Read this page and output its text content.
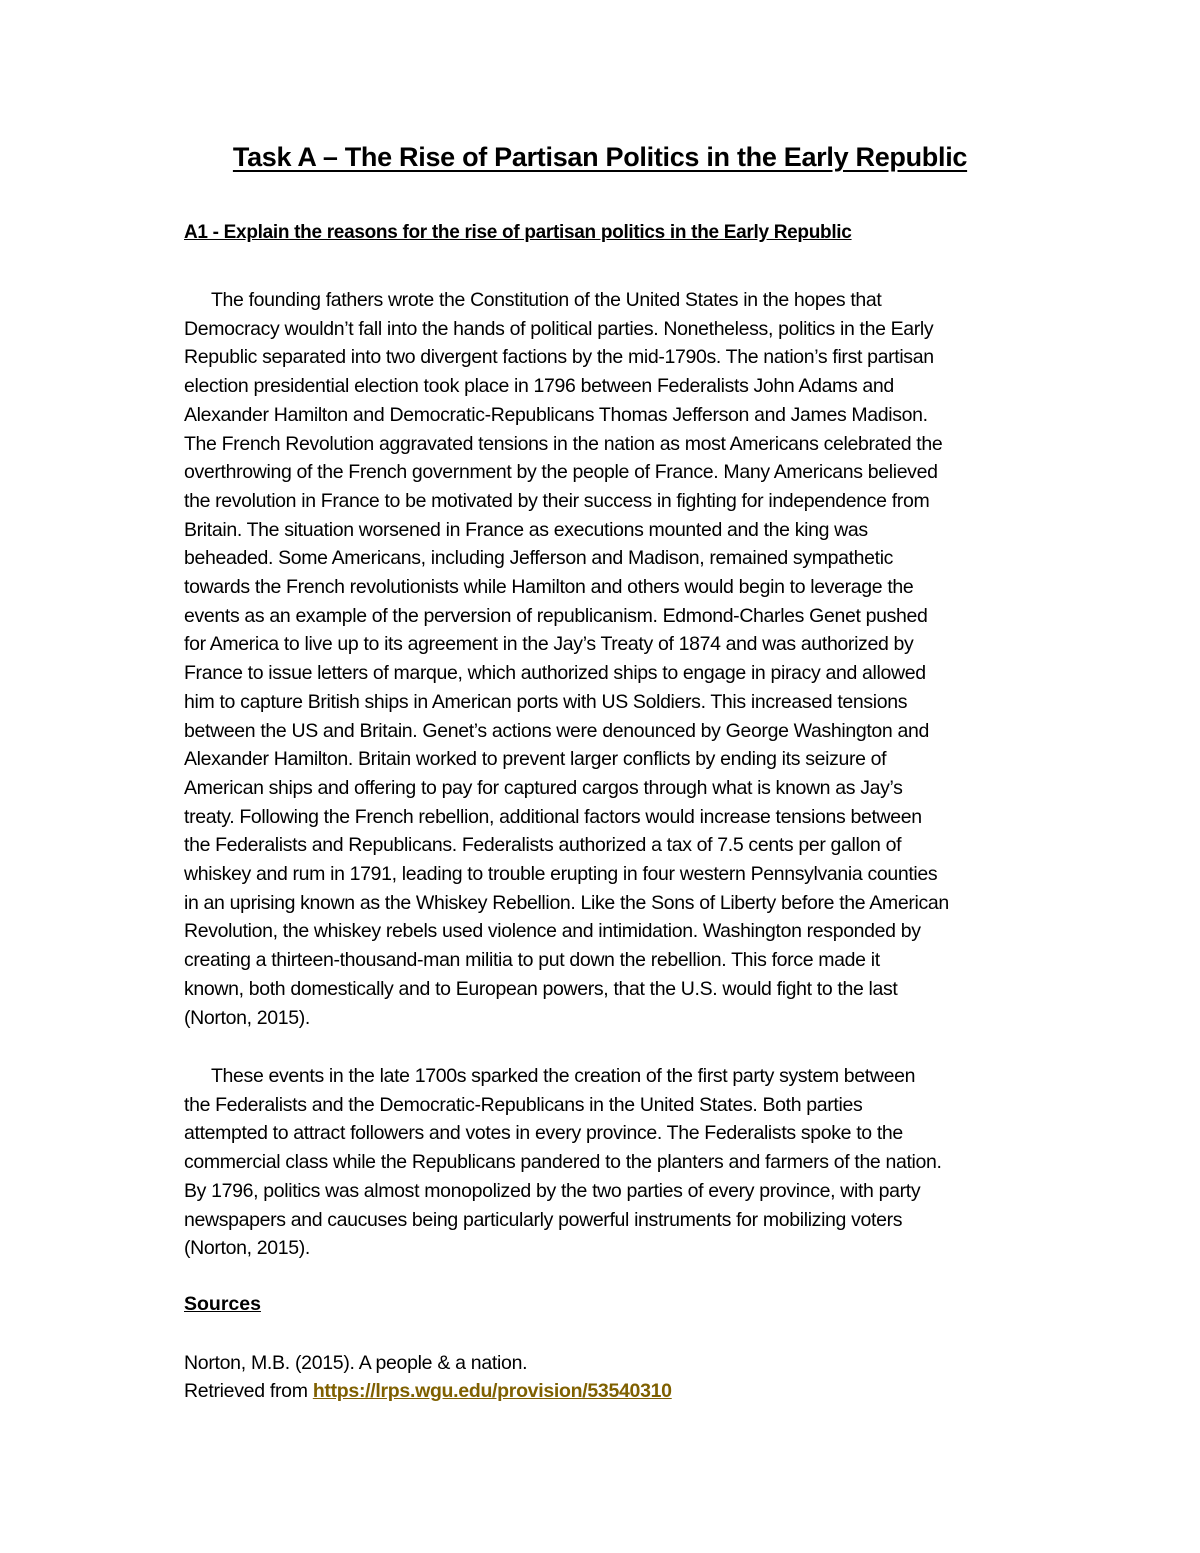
Task A – The Rise of Partisan Politics in the Early Republic
A1 - Explain the reasons for the rise of partisan politics in the Early Republic

The founding fathers wrote the Constitution of the United States in the hopes that
Democracy wouldn’t fall into the hands of political parties. Nonetheless, politics in the Early
Republic separated into two divergent factions by the mid-1790s. The nation’s first partisan
election presidential election took place in 1796 between Federalists John Adams and
Alexander Hamilton and Democratic-Republicans Thomas Jefferson and James Madison.
The French Revolution aggravated tensions in the nation as most Americans celebrated the
overthrowing of the French government by the people of France. Many Americans believed
the revolution in France to be motivated by their success in fighting for independence from
Britain. The situation worsened in France as executions mounted and the king was
beheaded. Some Americans, including Jefferson and Madison, remained sympathetic
towards the French revolutionists while Hamilton and others would begin to leverage the
events as an example of the perversion of republicanism. Edmond-Charles Genet pushed
for America to live up to its agreement in the Jay’s Treaty of 1874 and was authorized by
France to issue letters of marque, which authorized ships to engage in piracy and allowed
him to capture British ships in American ports with US Soldiers. This increased tensions
between the US and Britain. Genet’s actions were denounced by George Washington and
Alexander Hamilton. Britain worked to prevent larger conflicts by ending its seizure of
American ships and offering to pay for captured cargos through what is known as Jay’s
treaty. Following the French rebellion, additional factors would increase tensions between
the Federalists and Republicans. Federalists authorized a tax of 7.5 cents per gallon of
whiskey and rum in 1791, leading to trouble erupting in four western Pennsylvania counties
in an uprising known as the Whiskey Rebellion. Like the Sons of Liberty before the American
Revolution, the whiskey rebels used violence and intimidation. Washington responded by
creating a thirteen-thousand-man militia to put down the rebellion. This force made it
known, both domestically and to European powers, that the U.S. would fight to the last
(Norton, 2015).

These events in the late 1700s sparked the creation of the first party system between
the Federalists and the Democratic-Republicans in the United States. Both parties
attempted to attract followers and votes in every province. The Federalists spoke to the
commercial class while the Republicans pandered to the planters and farmers of the nation.
By 1796, politics was almost monopolized by the two parties of every province, with party
newspapers and caucuses being particularly powerful instruments for mobilizing voters
(Norton, 2015).

Sources
Norton, M.B. (2015). A people & a nation.
Retrieved from https://lrps.wgu.edu/provision/53540310
